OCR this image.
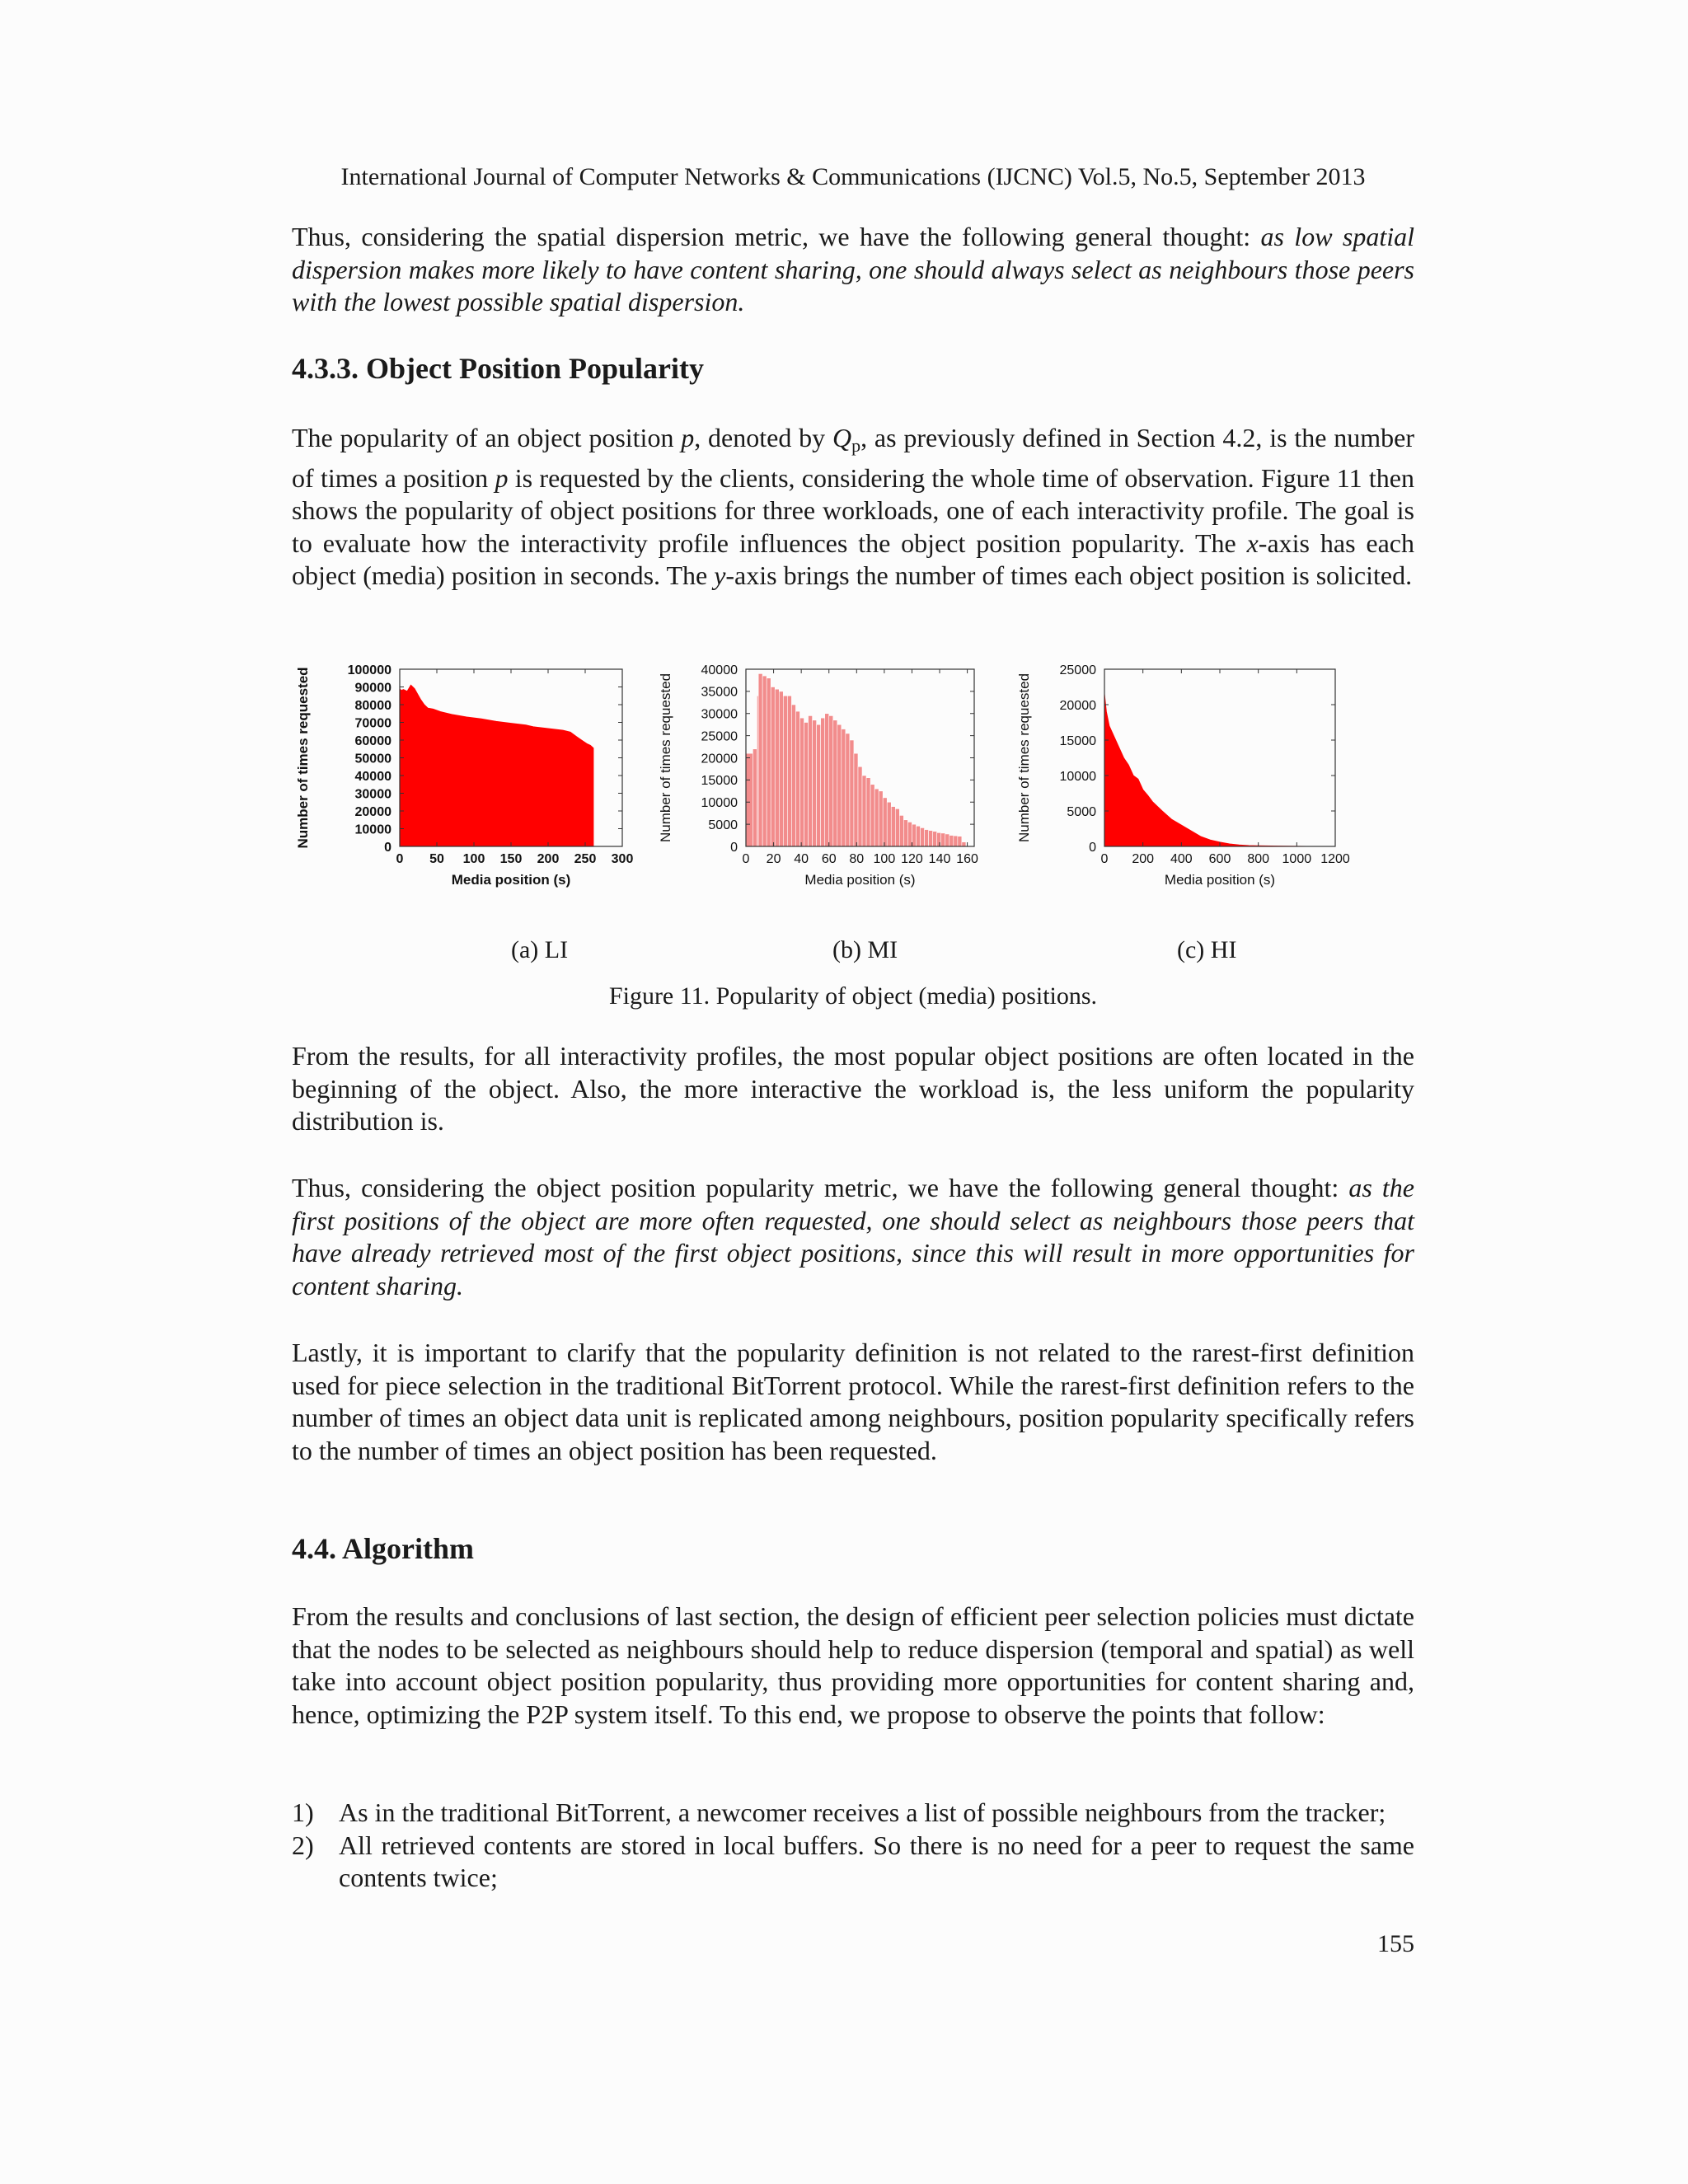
International Journal of Computer Networks & Communications (IJCNC) Vol.5, No.5, September 2013

Thus, considering the spatial dispersion metric, we have the following general thought: as low spatial dispersion makes more likely to have content sharing, one should always select as neighbours those peers with the lowest possible spatial dispersion.

4.3.3. Object Position Popularity

The popularity of an object position p, denoted by $Q_p$, as previously defined in Section 4.2, is the number of times a position p is requested by the clients, considering the whole time of observation. Figure 11 then shows the popularity of object positions for three workloads, one of each interactivity profile. The goal is to evaluate how the interactivity profile influences the object position popularity. The x-axis has each object (media) position in seconds. The y-axis brings the number of times each object position is solicited.

0 50 100 150 200 250 300
0
10000
20000
30000
40000
50000
60000
70000
80000
90000
100000
Media position (s)
Number of times requested
0 20 40 60 80 100 120 140 160
0
5000
10000
15000
20000
25000
30000
35000
40000
Media position (s)
Number of times requested
0 200 400 600 800 1000 1200
0
5000
10000
15000
20000
25000
Media position (s)
Number of times requested
(a) LI	(b) MI	(c) HI
Figure 11. Popularity of object (media) positions.

From the results, for all interactivity profiles, the most popular object positions are often located in the beginning of the object. Also, the more interactive the workload is, the less uniform the popularity distribution is.

Thus, considering the object position popularity metric, we have the following general thought: as the first positions of the object are more often requested, one should select as neighbours those peers that have already retrieved most of the first object positions, since this will result in more opportunities for content sharing.

Lastly, it is important to clarify that the popularity definition is not related to the rarest-first definition used for piece selection in the traditional BitTorrent protocol. While the rarest-first definition refers to the number of times an object data unit is replicated among neighbours, position popularity specifically refers to the number of times an object position has been requested.

4.4. Algorithm

From the results and conclusions of last section, the design of efficient peer selection policies must dictate that the nodes to be selected as neighbours should help to reduce dispersion (temporal and spatial) as well take into account object position popularity, thus providing more opportunities for content sharing and, hence, optimizing the P2P system itself. To this end, we propose to observe the points that follow:

1) As in the traditional BitTorrent, a newcomer receives a list of possible neighbours from the tracker;
2) All retrieved contents are stored in local buffers. So there is no need for a peer to request the same contents twice;
155
